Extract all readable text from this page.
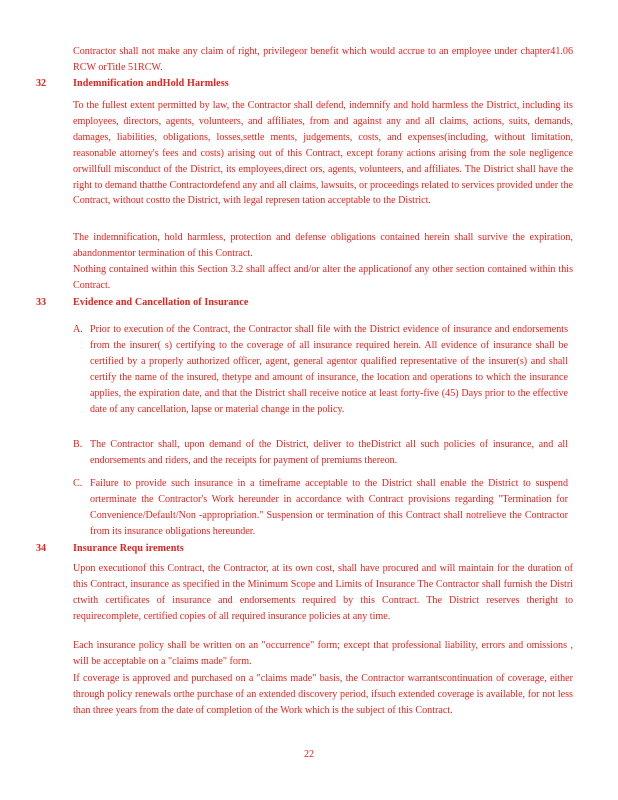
Contractor shall not make any claim of right, privilegeor benefit which would accrue to an employee under chapter41.06 RCW orTitle 51RCW.

32	Indemnification andHold Harmless

To the fullest extent permitted by law, the Contractor shall defend, indemnify and hold harmless the District, including its employees, directors, agents, volunteers, and affiliates, from and against any and all claims, actions, suits, demands, damages, liabilities, obligations, losses,settle ments, judgements, costs, and expenses(including, without limitation, reasonable attorney's fees and costs) arising out of this Contract, except forany actions arising from the sole negligence orwillfull misconduct of the District, its employees,direct ors, agents, volunteers, and affiliates. The District shall have the right to demand thatthe Contractordefend any and all claims, lawsuits, or proceedings related to services provided under the Contract, without costto the District, with legal represen tation acceptable to the District.

The indemnification, hold harmless, protection and defense obligations contained herein shall survive the expiration, abandonmentor termination of this Contract.

Nothing contained within this Section 3.2 shall affect and/or alter the applicationof any other section contained within this Contract.

33	Evidence and Cancellation of Insurance
A. Prior to execution of the Contract, the Contractor shall file with the District evidence of insurance and endorsements from the insurer( s) certifying to the coverage of all insurance required herein. All evidence of insurance shall be certified by a properly authorized officer, agent, general agentor qualified representative of the insurer(s) and shall certify the name of the insured, thetype and amount of insurance, the location and operations to which the insurance applies, the expiration date, and that the District shall receive notice at least forty-five (45) Days prior to the effective date of any cancellation, lapse or material change in the policy.

B. The Contractor shall, upon demand of the District, deliver to theDistrict all such policies of insurance, and all endorsements and riders, and the receipts for payment of premiums thereon.

C. Failure to provide such insurance in a timeframe acceptable to the District shall enable the District to suspend orterminate the Contractor's Work hereunder in accordance with Contract provisions regarding "Termination for Convenience/Default/Non -appropriation." Suspension or termination of this Contract shall notrelieve the Contractor from its insurance obligations hereunder.

34	Insurance Requ irements

Upon executionof this Contract, the Contractor, at its own cost, shall have procured and will maintain for the duration of this Contract, insurance as specified in the Minimum Scope and Limits of Insurance The Contractor shall furnish the Distri ctwith certificates of insurance and endorsements required by this Contract. The District reserves theright to requirecomplete, certified copies of all required insurance policies at any time.

Each insurance policy shall be written on an "occurrence" form; except that professional liability, errors and omissions , will be acceptable on a "claims made" form.

If coverage is approved and purchased on a "claims made" basis, the Contractor warrantscontinuation of coverage, either through policy renewals orthe purchase of an extended discovery period, ifsuch extended coverage is available, for not less than three years from the date of completion of the Work which is the subject of this Contract.

22
